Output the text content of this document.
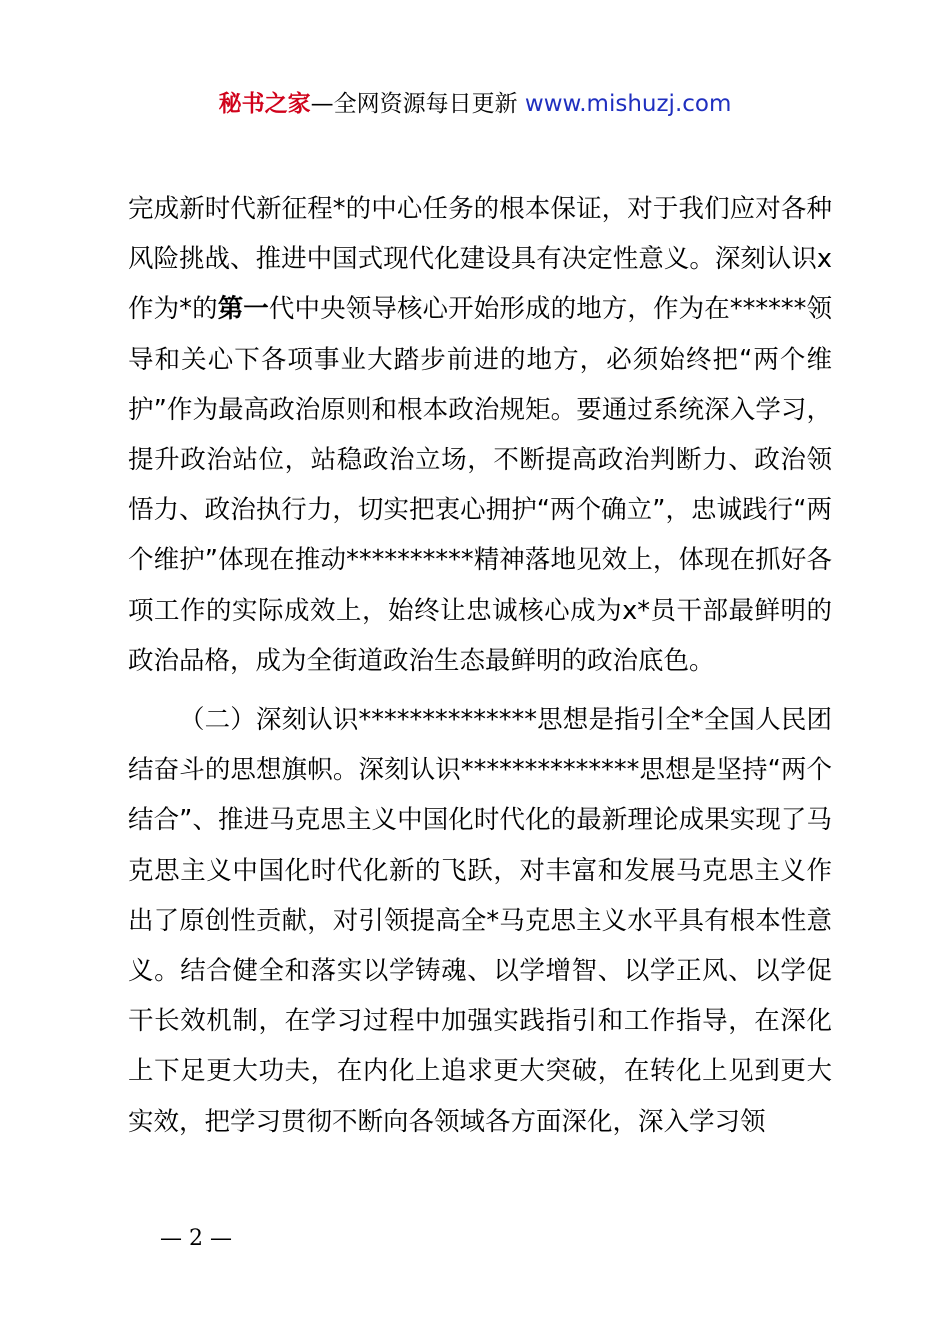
秘书之家—全网资源每日更新 www.mishuzj.com

完成新时代新征程*的中心任务的根本保证，对于我们应对各种风险挑战、推进中国式现代化建设具有决定性意义。深刻认识x作为*的第一代中央领导核心开始形成的地方，作为在******领导和关心下各项事业大踏步前进的地方，必须始终把“两个维护”作为最高政治原则和根本政治规矩。要通过系统深入学习，提升政治站位，站稳政治立场，不断提高政治判断力、政治领悟力、政治执行力，切实把衷心拥护“两个确立”，忠诚践行“两个维护”体现在推动**********精神落地见效上，体现在抓好各项工作的实际成效上，始终让忠诚核心成为x*员干部最鲜明的政治品格，成为全街道政治生态最鲜明的政治底色。

（二）深刻认识**************思想是指引全*全国人民团结奋斗的思想旗帜。深刻认识**************思想是坚持“两个结合”、推进马克思主义中国化时代化的最新理论成果实现了马克思主义中国化时代化新的飞跃，对丰富和发展马克思主义作出了原创性贡献，对引领提高全*马克思主义水平具有根本性意义。结合健全和落实以学铸魂、以学增智、以学正风、以学促干长效机制，在学习过程中加强实践指引和工作指导，在深化上下足更大功夫，在内化上追求更大突破，在转化上见到更大实效，把学习贯彻不断向各领域各方面深化，深入学习领

— 2 —
